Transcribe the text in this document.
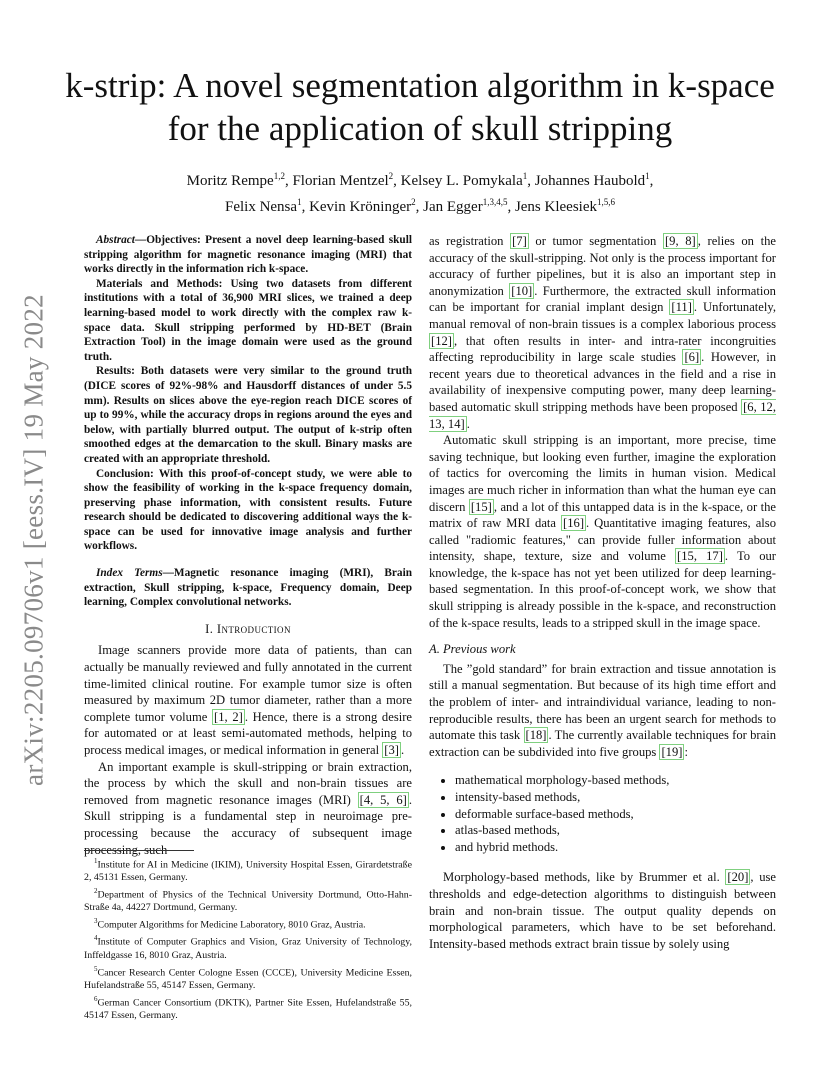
arXiv:2205.09706v1 [eess.IV] 19 May 2022
k-strip: A novel segmentation algorithm in k-space
for the application of skull stripping
Moritz Rempe$^{1,2}$, Florian Mentzel$^2$, Kelsey L. Pomykala$^1$, Johannes Haubold$^1$,
Felix Nensa$^1$, Kevin Kröninger$^2$, Jan Egger$^{1,3,4,5}$, Jens Kleesiek$^{1,5,6}$

Abstract—Objectives: Present a novel deep learning-based skull stripping algorithm for magnetic resonance imaging (MRI) that works directly in the information rich k-space.

Materials and Methods: Using two datasets from different institutions with a total of 36,900 MRI slices, we trained a deep learning-based model to work directly with the complex raw k-space data. Skull stripping performed by HD-BET (Brain Extraction Tool) in the image domain were used as the ground truth.

Results: Both datasets were very similar to the ground truth (DICE scores of 92%-98% and Hausdorff distances of under 5.5 mm). Results on slices above the eye-region reach DICE scores of up to 99%, while the accuracy drops in regions around the eyes and below, with partially blurred output. The output of k-strip often smoothed edges at the demarcation to the skull. Binary masks are created with an appropriate threshold.

Conclusion: With this proof-of-concept study, we were able to show the feasibility of working in the k-space frequency domain, preserving phase information, with consistent results. Future research should be dedicated to discovering additional ways the k-space can be used for innovative image analysis and further workflows.

Index Terms—Magnetic resonance imaging (MRI), Brain extraction, Skull stripping, k-space, Frequency domain, Deep learning, Complex convolutional networks.

I. Introduction

Image scanners provide more data of patients, than can actually be manually reviewed and fully annotated in the current time-limited clinical routine. For example tumor size is often measured by maximum 2D tumor diameter, rather than a more complete tumor volume [1, 2] . Hence, there is a strong desire for automated or at least semi-automated methods, helping to process medical images, or medical information in general [3] .

An important example is skull-stripping or brain extraction, the process by which the skull and non-brain tissues are removed from magnetic resonance images (MRI) [4, 5, 6] . Skull stripping is a fundamental step in neuroimage pre-processing because the accuracy of subsequent image processing, such

$^1$Institute for AI in Medicine (IKIM), University Hospital Essen, Girardetstraße 2, 45131 Essen, Germany.

$^2$Department of Physics of the Technical University Dortmund, Otto-Hahn-Straße 4a, 44227 Dortmund, Germany.

$^3$Computer Algorithms for Medicine Laboratory, 8010 Graz, Austria.

$^4$Institute of Computer Graphics and Vision, Graz University of Technology, Inffeldgasse 16, 8010 Graz, Austria.

$^5$Cancer Research Center Cologne Essen (CCCE), University Medicine Essen, Hufelandstraße 55, 45147 Essen, Germany.

$^6$German Cancer Consortium (DKTK), Partner Site Essen, Hufelandstraße 55, 45147 Essen, Germany.

as registration [7] or tumor segmentation [9, 8] , relies on the accuracy of the skull-stripping. Not only is the process important for accuracy of further pipelines, but it is also an important step in anonymization [10] . Furthermore, the extracted skull information can be important for cranial implant design [11] . Unfortunately, manual removal of non-brain tissues is a complex laborious process [12] , that often results in inter- and intra-rater incongruities affecting reproducibility in large scale studies [6] . However, in recent years due to theoretical advances in the field and a rise in availability of inexpensive computing power, many deep learning-based automatic skull stripping methods have been proposed [6, 12, 13, 14] .

Automatic skull stripping is an important, more precise, time saving technique, but looking even further, imagine the exploration of tactics for overcoming the limits in human vision. Medical images are much richer in information than what the human eye can discern [15] , and a lot of this untapped data is in the k-space, or the matrix of raw MRI data [16] . Quantitative imaging features, also called "radiomic features," can provide fuller information about intensity, shape, texture, size and volume [15, 17] . To our knowledge, the k-space has not yet been utilized for deep learning-based segmentation. In this proof-of-concept work, we show that skull stripping is already possible in the k-space, and reconstruction of the k-space results, leads to a stripped skull in the image space.

A. Previous work

The ”gold standard” for brain extraction and tissue annotation is still a manual segmentation. But because of its high time effort and the problem of inter- and intraindividual variance, leading to non-reproducible results, there has been an urgent search for methods to automate this task [18] . The currently available techniques for brain extraction can be subdivided into five groups [19] :

• mathematical morphology-based methods,
• intensity-based methods,
• deformable surface-based methods,
• atlas-based methods,
• and hybrid methods.

Morphology-based methods, like by Brummer et al. [20] , use thresholds and edge-detection algorithms to distinguish between brain and non-brain tissue. The output quality depends on morphological parameters, which have to be set beforehand. Intensity-based methods extract brain tissue by solely using
